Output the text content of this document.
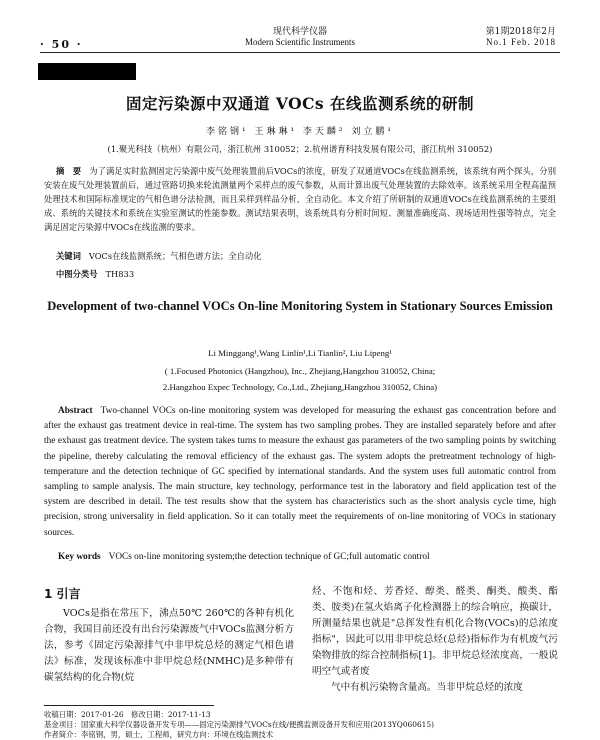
· 50 ·
现代科学仪器
Modern Scientific Instruments
第1期2018年2月
No.1 Feb. 2018
固定污染源中双通道 VOCs 在线监测系统的研制
李铭钢¹ 王琳琳¹ 李天麟² 刘立鹏¹
(1.聚光科技（杭州）有限公司，浙江杭州 310052；2.杭州谱育科技发展有限公司，浙江杭州 310052)
摘　要 为了满足实时监测固定污染源中废气处理装置前后VOCs的浓度，研发了双通道VOCs在线监测系统，该系统有两个探头，分别安装在废气处理装置前后，通过管路切换来轮流测量两个采样点的废气参数，从而计算出废气处理装置的去除效率。该系统采用全程高温预处理技术和国际标准规定的气相色谱分法检测，而且采样到样品分析，全自动化。本文介绍了所研制的双通道VOCs在线监测系统的主要组成、系统的关键技术和系统在实验室测试的性能参数。测试结果表明，该系统具有分析时间短、测量准确度高、现场适用性强等特点，完全满足固定污染源中VOCs在线监测的要求。
关键词 VOCs在线监测系统；气相色谱方法；全自动化
中图分类号 TH833
Development of two-channel VOCs On-line Monitoring System in Stationary Sources Emission
Li Minggang¹,Wang Linlin¹,Li Tianlin², Liu Lipeng¹
( 1.Focused Photonics (Hangzhou), Inc., Zhejiang,Hangzhou 310052, China;
2.Hangzhou Expec Technology, Co.,Ltd., Zhejiang,Hangzhou 310052, China)
Abstract Two-channel VOCs on-line monitoring system was developed for measuring the exhaust gas concentration before and after the exhaust gas treatment device in real-time. The system has two sampling probes. They are installed separately before and after the exhaust gas treatment device. The system takes turns to measure the exhaust gas parameters of the two sampling points by switching the pipeline, thereby calculating the removal efficiency of the exhaust gas. The system adopts the pretreatment technology of high-temperature and the detection technique of GC specified by international standards. And the system uses full automatic control from sampling to sample analysis. The main structure, key technology, performance test in the laboratory and field application test of the system are described in detail. The test results show that the system has characteristics such as the short analysis cycle time, high precision, strong universality in field application. So it can totally meet the requirements of on-line monitoring of VOCs in stationary sources.
Key words VOCs on-line monitoring system;the detection technique of GC;full automatic control
1 引言
VOCs是指在常压下，沸点50℃ 260℃的各种有机化合物，我国目前还没有出台污染源废气中VOCs监测分析方法，参考《固定污染源排气中非甲烷总烃的测定气相色谱法》标准，发现该标准中非甲烷总烃(NMHC)是多种带有碳氢结构的化合物(烷
烃、不饱和烃、芳香烃、醇类、醛类、酮类、酸类、酯类、胺类)在氢火焰离子化检测器上的综合响应，换碳计，所测量结果也就是"总挥发性有机化合物(VOCs)的总浓度指标"，因此可以用非甲烷总烃(总烃)指标作为有机废气污染物排放的综合控制指标[1]。非甲烷总烃浓度高，一般说明空气或者废
气中有机污染物含量高。当非甲烷总烃的浓度
收稿日期：2017-01-26　修改日期：2017-11-13
基金项目：国家重大科学仪器设备开发专项——固定污染源排气VOCs在线/便携监测设备开发和应用(2013YQ060615)
作者简介：李铭钢，男，硕士，工程师，研究方向：环境在线监测技术
